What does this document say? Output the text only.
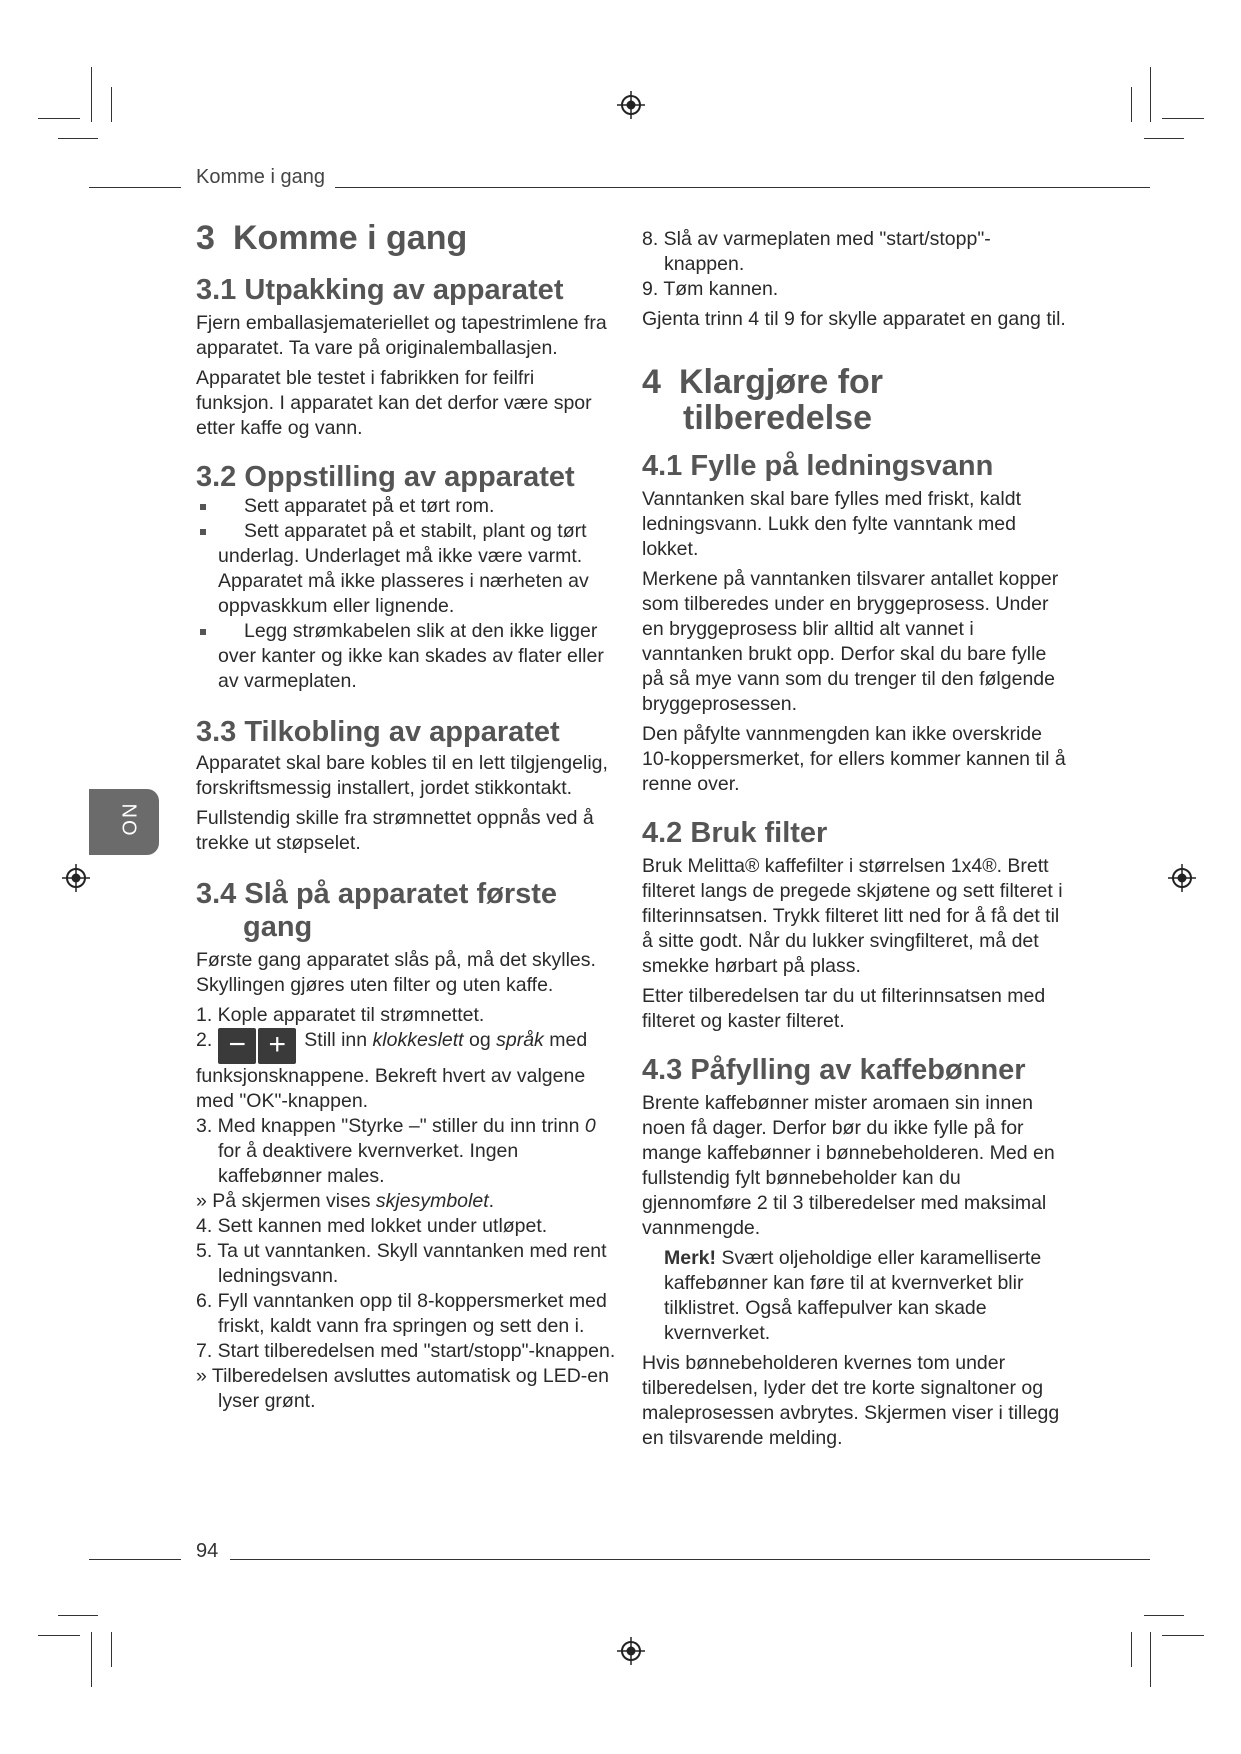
Komme i gang
NO
3 Komme i gang
3.1 Utpakking av apparatet

Fjern emballasjemateriellet og tapestrimlene fra apparatet. Ta vare på originalemballasjen.

Apparatet ble testet i fabrikken for feilfri funksjon. I apparatet kan det derfor være spor etter kaffe og vann.

3.2 Oppstilling av apparatet
Sett apparatet på et tørt rom.
Sett apparatet på et stabilt, plant og tørt underlag. Underlaget må ikke være varmt. Apparatet må ikke plasseres i nærheten av oppvaskkum eller lignende.
Legg strømkabelen slik at den ikke ligger over kanter og ikke kan skades av flater eller av varmeplaten.
3.3 Tilkobling av apparatet

Apparatet skal bare kobles til en lett tilgjengelig, forskriftsmessig installert, jordet stikkontakt.

Fullstendig skille fra strømnettet oppnås ved å trekke ut støpselet.

3.4 Slå på apparatet første
gang

Første gang apparatet slås på, må det skylles. Skyllingen gjøres uten filter og uten kaffe.

1. Kople apparatet til strømnettet.
2. − + Still inn klokkeslett og språk med funksjonsknappene. Bekreft hvert av valgene med "OK"-knappen.
3. Med knappen "Styrke –" stiller du inn trinn 0 for å deaktivere kvernverket. Ingen kaffebønner males.
» På skjermen vises skjesymbolet.
4. Sett kannen med lokket under utløpet.
5. Ta ut vanntanken. Skyll vanntanken med rent ledningsvann.
6. Fyll vanntanken opp til 8-koppersmerket med friskt, kaldt vann fra springen og sett den i.
7. Start tilberedelsen med "start/stopp"-knappen.
» Tilberedelsen avsluttes automatisk og LED-en lyser grønt.
8. Slå av varmeplaten med "start/stopp"-knappen.
9. Tøm kannen.

Gjenta trinn 4 til 9 for skylle apparatet en gang til.

4 Klargjøre for
tilberedelse
4.1 Fylle på ledningsvann

Vanntanken skal bare fylles med friskt, kaldt ledningsvann. Lukk den fylte vanntank med lokket.

Merkene på vanntanken tilsvarer antallet kopper som tilberedes under en bryggeprosess. Under en bryggeprosess blir alltid alt vannet i vanntanken brukt opp. Derfor skal du bare fylle på så mye vann som du trenger til den følgende bryggeprosessen.

Den påfylte vannmengden kan ikke overskride 10-koppersmerket, for ellers kommer kannen til å renne over.

4.2 Bruk filter

Bruk Melitta® kaffefilter i størrelsen 1x4®. Brett filteret langs de pregede skjøtene og sett filteret i filterinnsatsen. Trykk filteret litt ned for å få det til å sitte godt. Når du lukker svingfilteret, må det smekke hørbart på plass.

Etter tilberedelsen tar du ut filterinnsatsen med filteret og kaster filteret.

4.3 Påfylling av kaffebønner

Brente kaffebønner mister aromaen sin innen noen få dager. Derfor bør du ikke fylle på for mange kaffebønner i bønnebeholderen. Med en fullstendig fylt bønnebeholder kan du gjennomføre 2 til 3 tilberedelser med maksimal vannmengde.

Merk! Svært oljeholdige eller karamelliserte kaffebønner kan føre til at kvernverket blir tilklistret. Også kaffepulver kan skade kvernverket.

Hvis bønnebeholderen kvernes tom under tilberedelsen, lyder det tre korte signaltoner og maleprosessen avbrytes. Skjermen viser i tillegg en tilsvarende melding.

94
